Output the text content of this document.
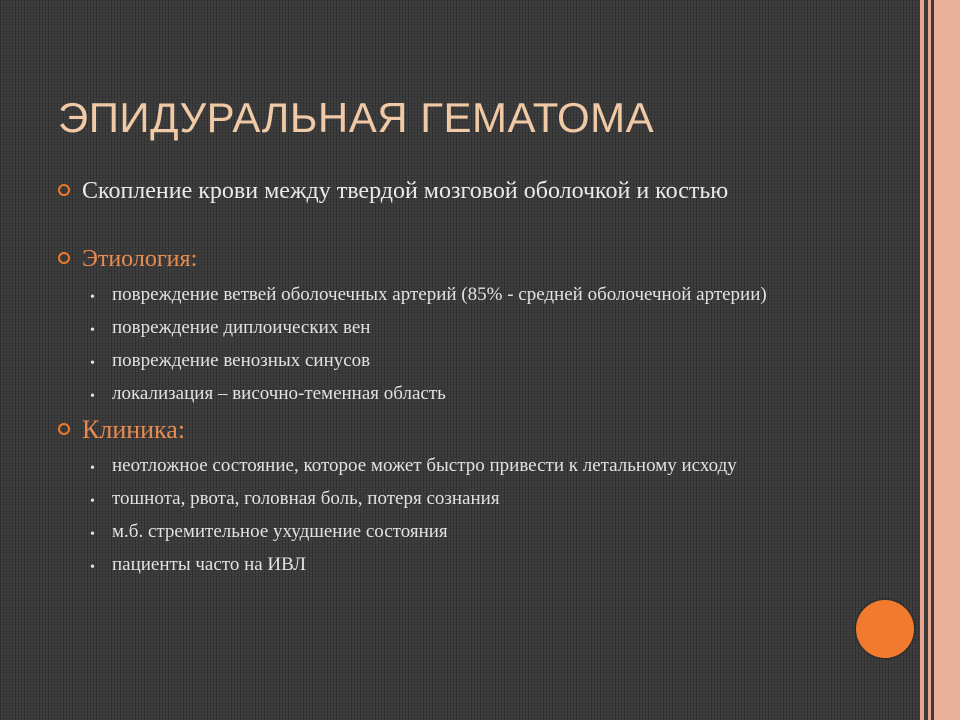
ЭПИДУРАЛЬНАЯ ГЕМАТОМА
Скопление крови между твердой мозговой оболочкой и костью
Этиология:
• повреждение ветвей оболочечных артерий (85% - средней оболочечной артерии)
• повреждение диплоических вен
• повреждение венозных синусов
• локализация – височно-теменная область
Клиника:
• неотложное состояние, которое может быстро привести к летальному исходу
• тошнота, рвота, головная боль, потеря сознания
• м.б. стремительное ухудшение состояния
• пациенты часто на ИВЛ
